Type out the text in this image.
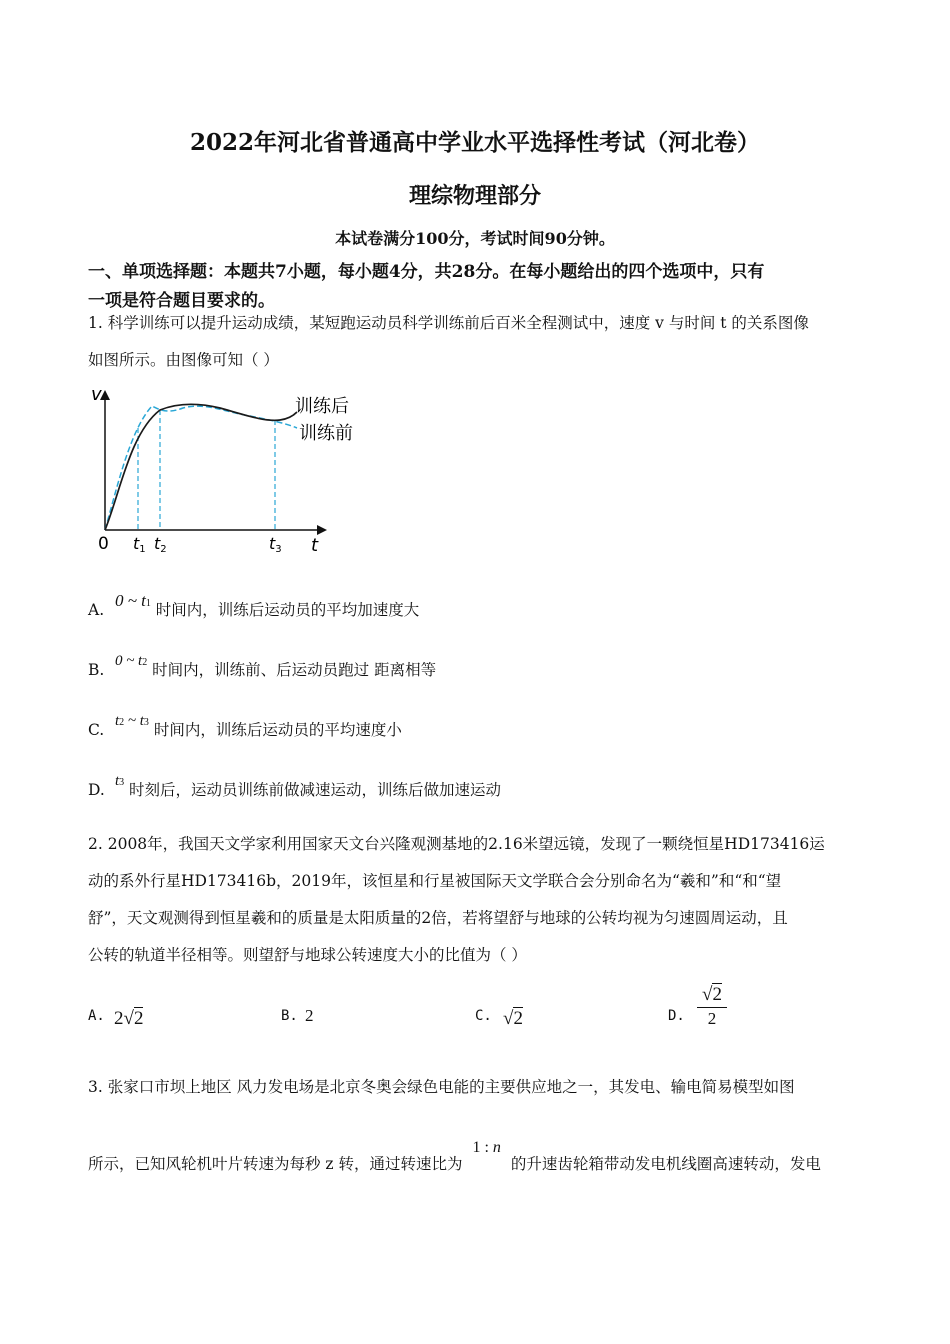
2022年河北省普通高中学业水平选择性考试（河北卷）
理综物理部分
本试卷满分100分，考试时间90分钟。
一、单项选择题：本题共7小题，每小题4分，共28分。在每小题给出的四个选项中，只有
一项是符合题目要求的。
1. 科学训练可以提升运动成绩，某短跑运动员科学训练前后百米全程测试中，速度 v 与时间 t 的关系图像
如图所示。由图像可知（ ）
v
t
0 t1 t2	t3
训练后
训练前
A. 0 ~ t1 时间内，训练后运动员的平均加速度大
B. 0 ~ t2 时间内，训练前、后运动员跑过 距离相等
C. t2 ~ t3 时间内，训练后运动员的平均速度小
D. t3 时刻后，运动员训练前做减速运动，训练后做加速运动
2. 2008年，我国天文学家利用国家天文台兴隆观测基地的2.16米望远镜，发现了一颗绕恒星HD173416运
动的系外行星HD173416b，2019年，该恒星和行星被国际天文学联合会分别命名为“羲和”和“和“望
舒”，天文观测得到恒星羲和的质量是太阳质量的2倍，若将望舒与地球的公转均视为匀速圆周运动，且
公转的轨道半径相等。则望舒与地球公转速度大小的比值为（ ）
A. 2√2	B. 2	C. √2	D. $\frac{√2}{2}$
3. 张家口市坝上地区 风力发电场是北京冬奥会绿色电能的主要供应地之一，其发电、输电简易模型如图
所示，已知风轮机叶片转速为每秒 z 转，通过转速比为 1 : n 的升速齿轮箱带动发电机线圈高速转动，发电
